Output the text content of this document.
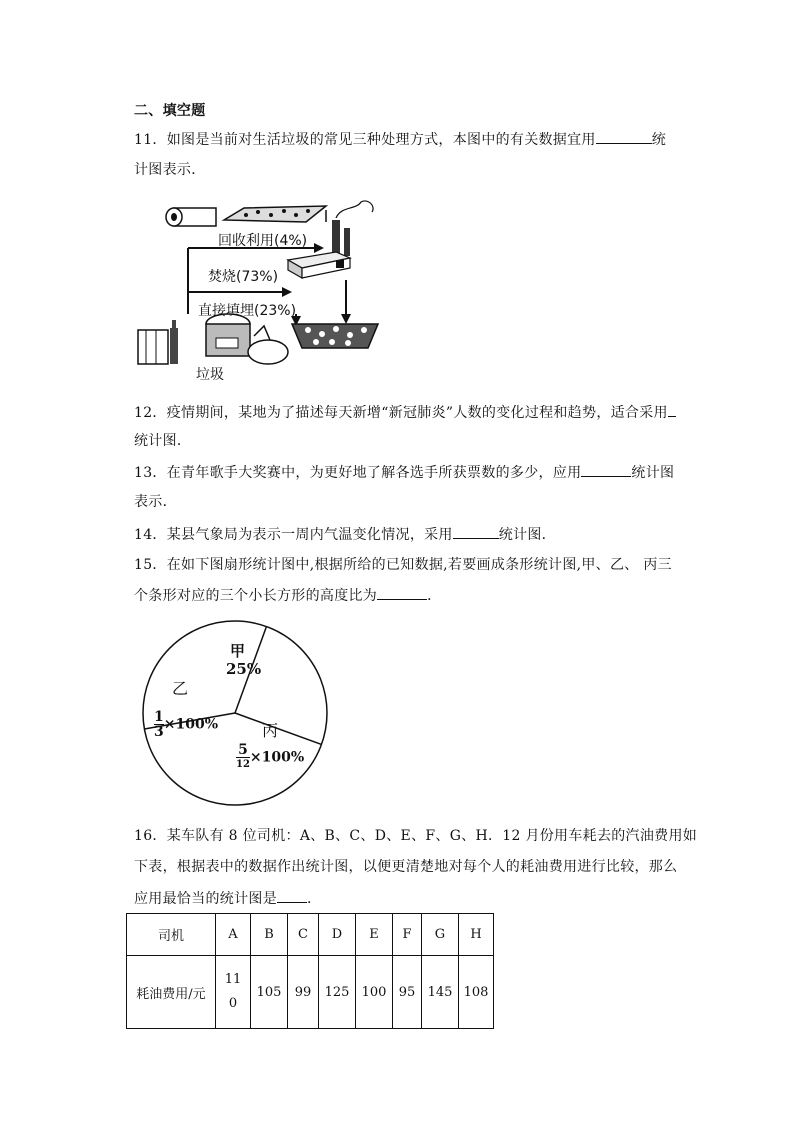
二、填空题
11．如图是当前对生活垃圾的常见三种处理方式，本图中的有关数据宜用	统
计图表示．
回收利用(4%)
焚烧(73%)
直接填埋(23%)
垃圾
12．疫情期间，某地为了描述每天新增“新冠肺炎”人数的变化过程和趋势，适合采用
统计图．
13．在青年歌手大奖赛中，为更好地了解各选手所获票数的多少，应用	统计图
表示．
14．某县气象局为表示一周内气温变化情况，采用	统计图．
15．在如下图扇形统计图中,根据所给的已知数据,若要画成条形统计图,甲、乙、 丙三
个条形对应的三个小长方形的高度比为	．
甲
25%
乙
$\frac{1}{3} \times 100\%$	丙
5
12 ×100%
16．某车队有 8 位司机：A、B、C、D、E、F、G、H．12 月份用车耗去的汽油费用如
下表，根据表中的数据作出统计图，以便更清楚地对每个人的耗油费用进行比较，那么
应用最恰当的统计图是 ．
司机	A	B	C	D	E	F	G	H
耗油费用/元	110	105	99	125	100	95	145	108
